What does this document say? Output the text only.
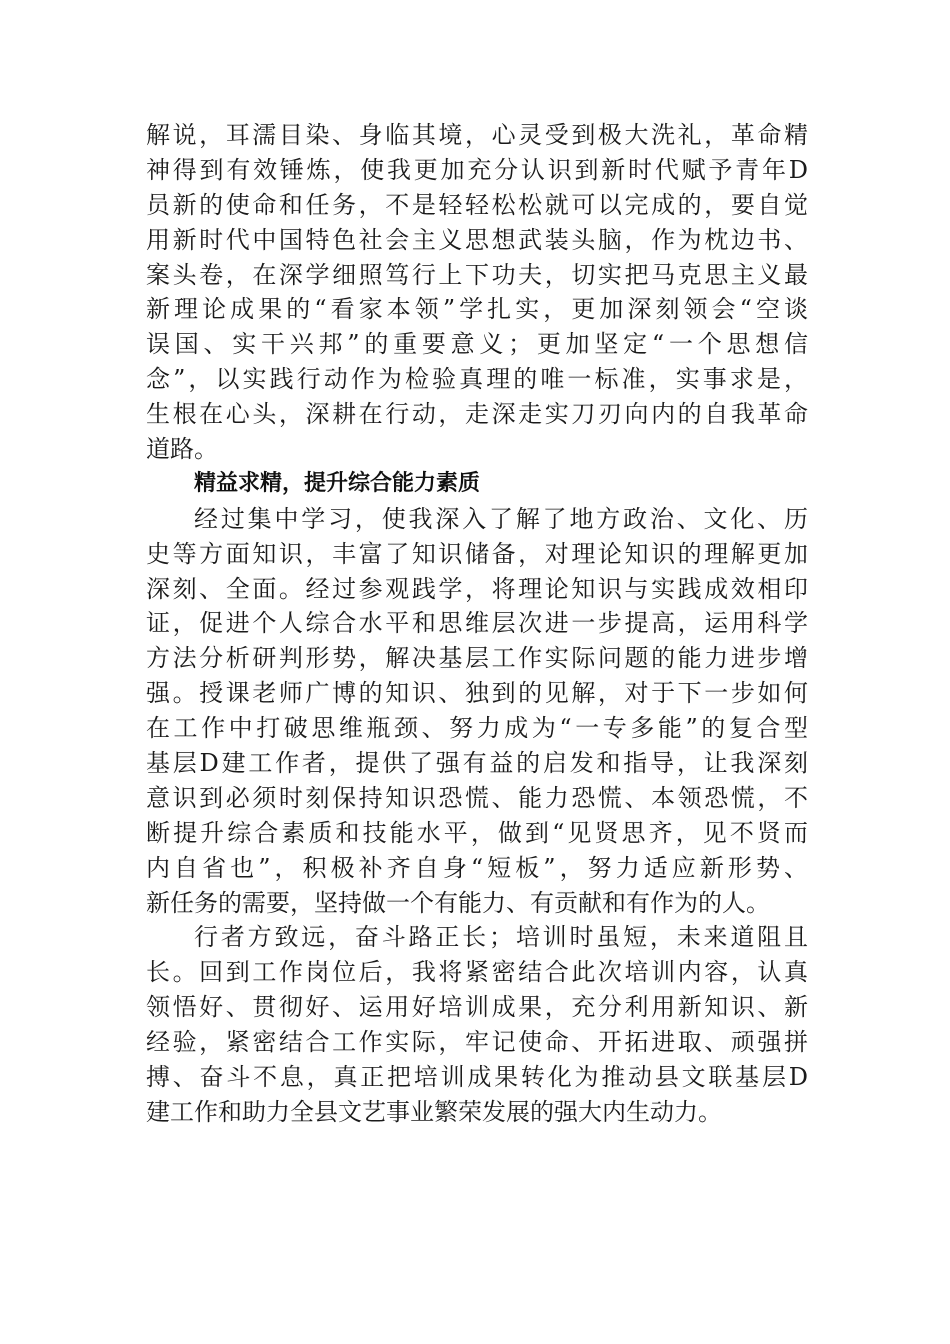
解说，耳濡目染、身临其境，心灵受到极大洗礼，革命精
神得到有效锤炼，使我更加充分认识到新时代赋予青年D
员新的使命和任务，不是轻轻松松就可以完成的，要自觉
用新时代中国特色社会主义思想武装头脑，作为枕边书、
案头卷，在深学细照笃行上下功夫，切实把马克思主义最
新理论成果的“看家本领”学扎实，更加深刻领会“空谈
误国、实干兴邦”的重要意义；更加坚定“一个思想信
念”，以实践行动作为检验真理的唯一标准，实事求是，
生根在心头，深耕在行动，走深走实刀刃向内的自我革命
道路。
精益求精，提升综合能力素质
经过集中学习，使我深入了解了地方政治、文化、历
史等方面知识，丰富了知识储备，对理论知识的理解更加
深刻、全面。经过参观践学，将理论知识与实践成效相印
证，促进个人综合水平和思维层次进一步提高，运用科学
方法分析研判形势，解决基层工作实际问题的能力进步增
强。授课老师广博的知识、独到的见解，对于下一步如何
在工作中打破思维瓶颈、努力成为“一专多能”的复合型
基层D建工作者，提供了强有益的启发和指导，让我深刻
意识到必须时刻保持知识恐慌、能力恐慌、本领恐慌，不
断提升综合素质和技能水平，做到“见贤思齐，见不贤而
内自省也”，积极补齐自身“短板”，努力适应新形势、
新任务的需要，坚持做一个有能力、有贡献和有作为的人。
行者方致远，奋斗路正长；培训时虽短，未来道阻且
长。回到工作岗位后，我将紧密结合此次培训内容，认真
领悟好、贯彻好、运用好培训成果，充分利用新知识、新
经验，紧密结合工作实际，牢记使命、开拓进取、顽强拼
搏、奋斗不息，真正把培训成果转化为推动县文联基层D
建工作和助力全县文艺事业繁荣发展的强大内生动力。
